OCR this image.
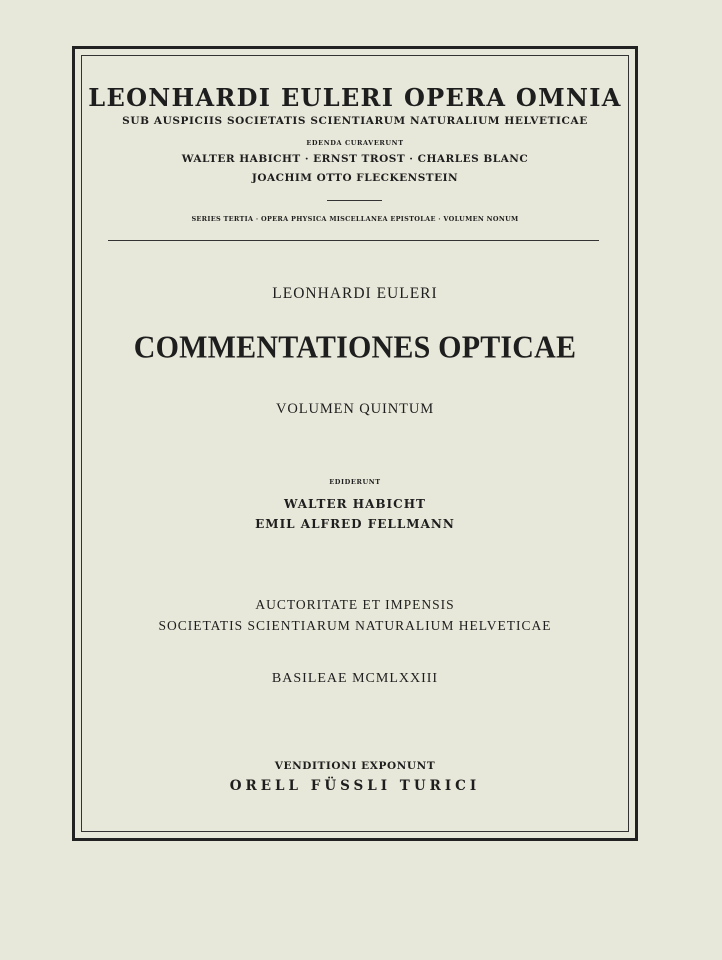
LEONHARDI EULERI OPERA OMNIA
SUB AUSPICIIS SOCIETATIS SCIENTIARUM NATURALIUM HELVETICAE
EDENDA CURAVERUNT
WALTER HABICHT · ERNST TROST · CHARLES BLANC
JOACHIM OTTO FLECKENSTEIN
SERIES TERTIA · OPERA PHYSICA MISCELLANEA EPISTOLAE · VOLUMEN NONUM
LEONHARDI EULERI
COMMENTATIONES OPTICAE
VOLUMEN QUINTUM
EDIDERUNT
WALTER HABICHT
EMIL ALFRED FELLMANN
AUCTORITATE ET IMPENSIS
SOCIETATIS SCIENTIARUM NATURALIUM HELVETICAE
BASILEAE MCMLXXIII
VENDITIONI EXPONUNT
ORELL FÜSSLI TURICI
